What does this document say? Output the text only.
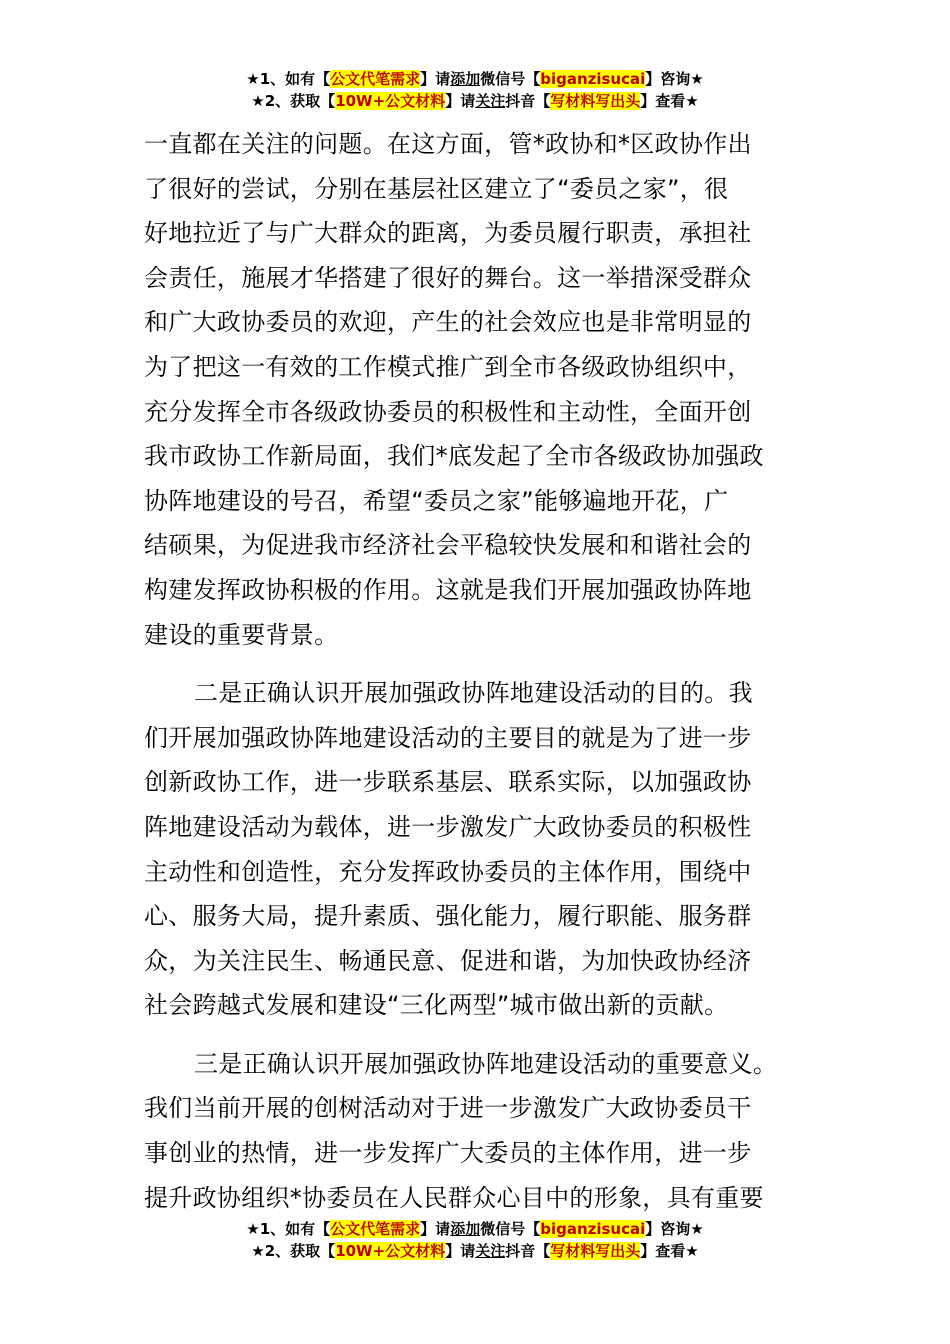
★1、如有【公文代笔需求】请添加微信号【biganzisucai】咨询★
★2、获取【10W+公文材料】请关注抖音【写材料写出头】查看★
一直都在关注的问题。在这方面，管*政协和*区政协作出
了很好的尝试，分别在基层社区建立了“委员之家”，很
好地拉近了与广大群众的距离，为委员履行职责，承担社
会责任，施展才华搭建了很好的舞台。这一举措深受群众
和广大政协委员的欢迎，产生的社会效应也是非常明显的
为了把这一有效的工作模式推广到全市各级政协组织中，
充分发挥全市各级政协委员的积极性和主动性，全面开创
我市政协工作新局面，我们*底发起了全市各级政协加强政
协阵地建设的号召，希望“委员之家”能够遍地开花，广
结硕果，为促进我市经济社会平稳较快发展和和谐社会的
构建发挥政协积极的作用。这就是我们开展加强政协阵地
建设的重要背景。
二是正确认识开展加强政协阵地建设活动的目的。我
们开展加强政协阵地建设活动的主要目的就是为了进一步
创新政协工作，进一步联系基层、联系实际，以加强政协
阵地建设活动为载体，进一步激发广大政协委员的积极性
主动性和创造性，充分发挥政协委员的主体作用，围绕中
心、服务大局，提升素质、强化能力，履行职能、服务群
众，为关注民生、畅通民意、促进和谐，为加快政协经济
社会跨越式发展和建设“三化两型”城市做出新的贡献。
三是正确认识开展加强政协阵地建设活动的重要意义。
我们当前开展的创树活动对于进一步激发广大政协委员干
事创业的热情，进一步发挥广大委员的主体作用，进一步
提升政协组织*协委员在人民群众心目中的形象，具有重要
★1、如有【公文代笔需求】请添加微信号【biganzisucai】咨询★
★2、获取【10W+公文材料】请关注抖音【写材料写出头】查看★
